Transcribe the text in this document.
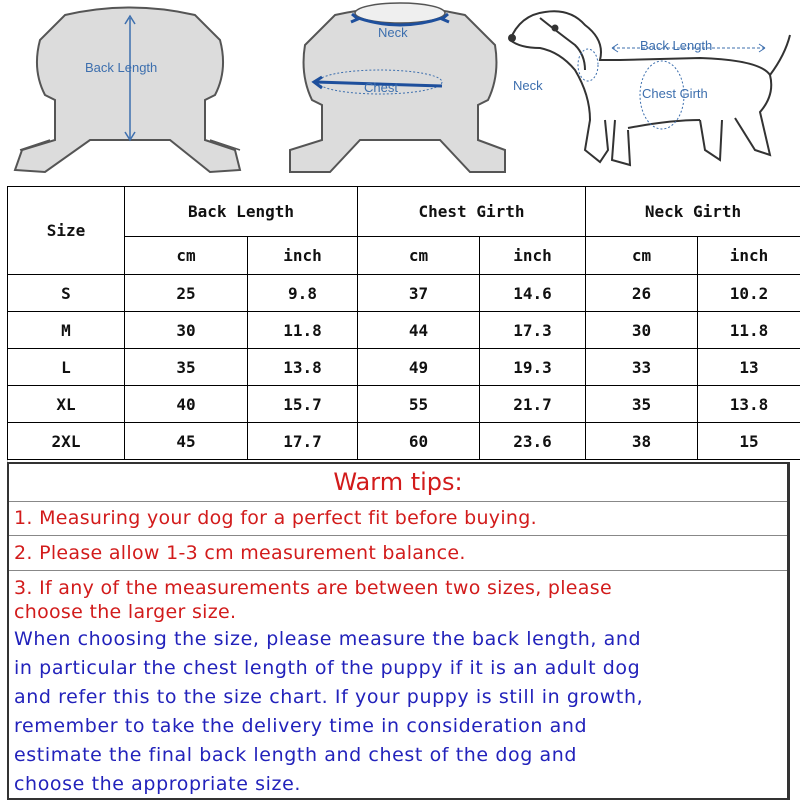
Back Length
Neck
Chest
Back Length
Neck
Chest Girth
Size	Back Length		Chest Girth		Neck Girth	
	cm	inch	cm	inch	cm	inch
S	25	9.8	37	14.6	26	10.2
M	30	11.8	44	17.3	30	11.8
L	35	13.8	49	19.3	33	13
XL	40	15.7	55	21.7	35	13.8
2XL	45	17.7	60	23.6	38	15
Warm tips:
1. Measuring your dog for a perfect fit before buying.
2. Please allow 1-3 cm measurement balance.
3. If any of the measurements are between two sizes, please
choose the larger size.
When choosing the size, please measure the back length, and
in particular the chest length of the puppy if it is an adult dog
and refer this to the size chart. If your puppy is still in growth,
remember to take the delivery time in consideration and
estimate the final back length and chest of the dog and
choose the appropriate size.
